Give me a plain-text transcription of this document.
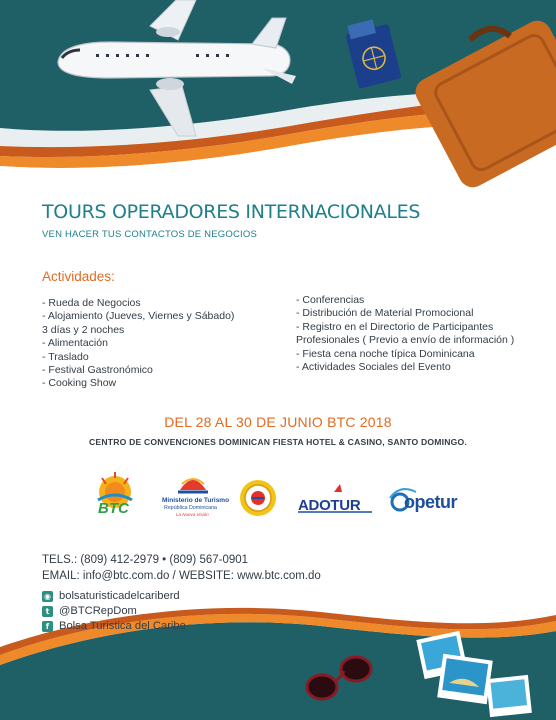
TOURS OPERADORES INTERNACIONALES
VEN HACER TUS CONTACTOS DE NEGOCIOS
Actividades:
- Rueda de Negocios
- Alojamiento (Jueves, Viernes y Sábado)
3 días y 2 noches
- Alimentación
- Traslado
- Festival Gastronómico
- Cooking Show
- Conferencias
- Distribución de Material Promocional
- Registro en el Directorio de Participantes
Profesionales ( Previo a envío de información )
- Fiesta cena noche típica Dominicana
- Actividades Sociales del Evento
DEL 28 AL 30 DE JUNIO BTC 2018
CENTRO DE CONVENCIONES DOMINICAN FIESTA HOTEL & CASINO, SANTO DOMINGO.
BTC	Ministerio de Turismo
República Dominicana
La Nueva Visión
ADOTUR opetur
TELS.: (809) 412-2979 • (809) 567-0901
EMAIL: info@btc.com.do / WEBSITE: www.btc.com.do
◉ bolsaturisticadelcariberd
t @BTCRepDom
f Bolsa Turistica del Caribe
